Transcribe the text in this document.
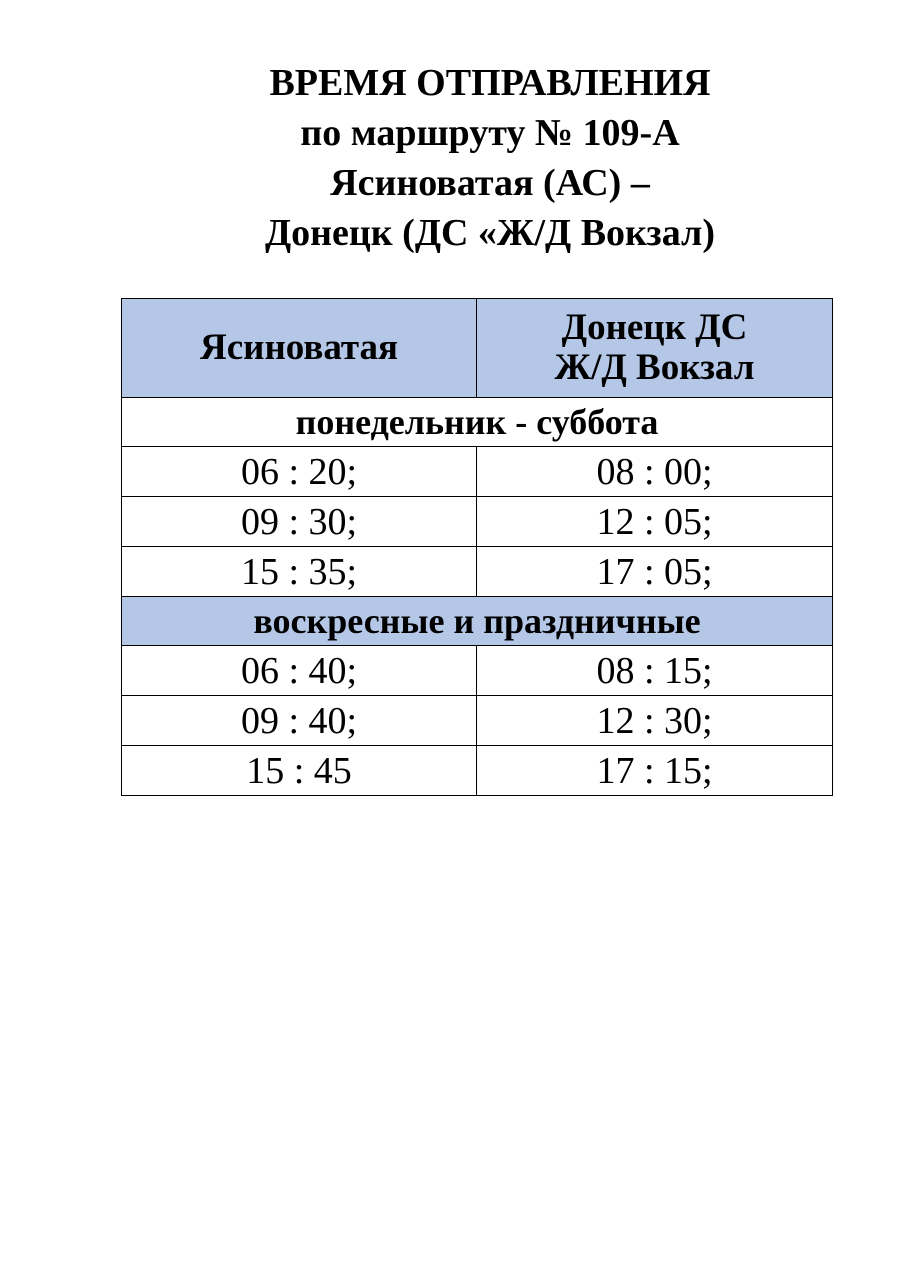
ВРЕМЯ ОТПРАВЛЕНИЯ
по маршруту № 109-А
Ясиноватая (АС) –
Донецк (ДС «Ж/Д Вокзал)
Ясиноватая	Донецк ДС
Ж/Д Вокзал

понедельник - суббота	
06 : 20;	08 : 00;
09 : 30;	12 : 05;
15 : 35;	17 : 05;
воскресные и праздничные	
06 : 40;	08 : 15;
09 : 40;	12 : 30;
15 : 45	17 : 15;
